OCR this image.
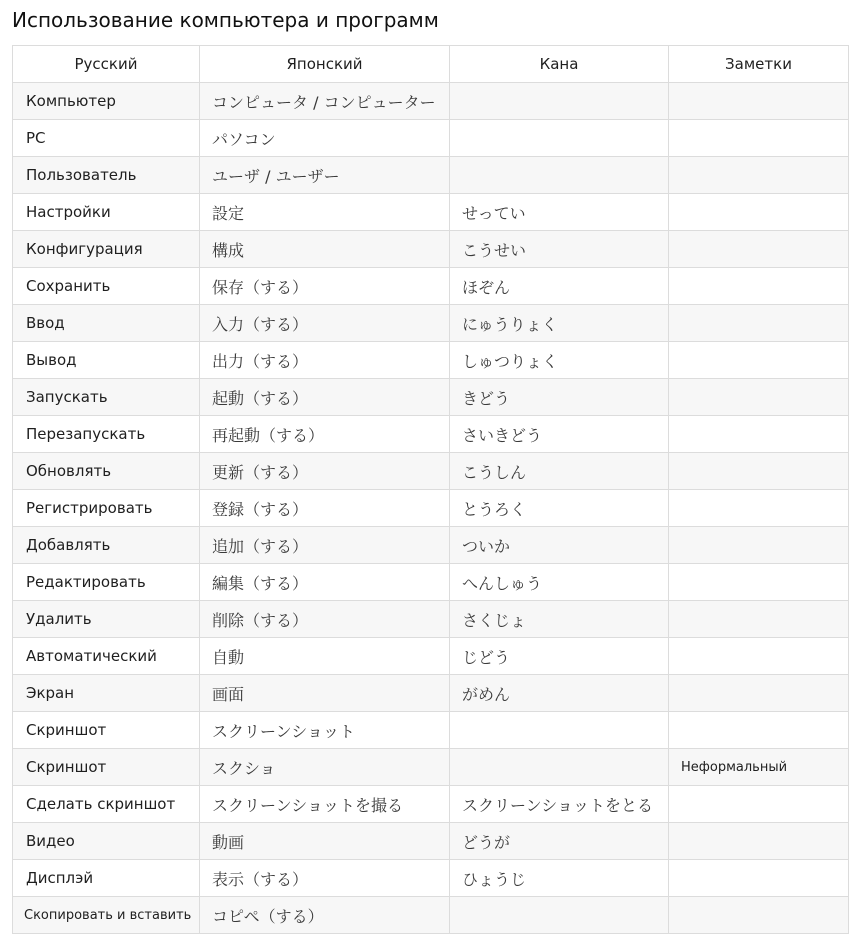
Использование компьютера и программ
Русский	Японский	Кана	Заметки
Компьютер	コンピュータ / コンピューター		
PC	パソコン		
Пользователь	ユーザ / ユーザー		
Настройки	設定	せってい	
Конфигурация	構成	こうせい	
Сохранить	保存（する）	ほぞん	
Ввод	入力（する）	にゅうりょく	
Вывод	出力（する）	しゅつりょく	
Запускать	起動（する）	きどう	
Перезапускать	再起動（する）	さいきどう	
Обновлять	更新（する）	こうしん	
Регистрировать	登録（する）	とうろく	
Добавлять	追加（する）	ついか	
Редактировать	編集（する）	へんしゅう	
Удалить	削除（する）	さくじょ	
Автоматический	自動	じどう	
Экран	画面	がめん	
Скриншот	スクリーンショット		
Скриншот	スクショ		Неформальный
Сделать скриншот	スクリーンショットを撮る	スクリーンショットをとる	
Видео	動画	どうが	
Дисплэй	表示（する）	ひょうじ	
Скопировать и вставить	コピペ（する）		
